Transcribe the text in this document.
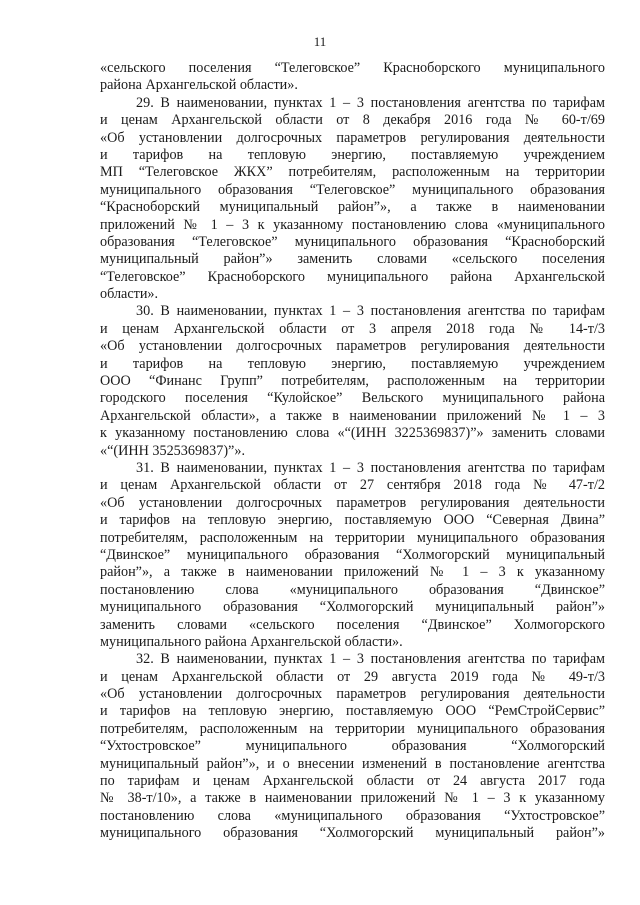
11
«сельского поселения “Телеговское” Красноборского муниципального
района Архангельской области».
29. В наименовании, пунктах 1 – 3 постановления агентства по тарифам
и ценам Архангельской области от 8 декабря 2016 года № 60-т/69
«Об установлении долгосрочных параметров регулирования деятельности
и тарифов на тепловую энергию, поставляемую учреждением
МП “Телеговское ЖКХ” потребителям, расположенным на территории
муниципального образования “Телеговское” муниципального образования
“Красноборский муниципальный район”», а также в наименовании
приложений № 1 – 3 к указанному постановлению слова «муниципального
образования “Телеговское” муниципального образования “Красноборский
муниципальный район”» заменить словами «сельского поселения
“Телеговское” Красноборского муниципального района Архангельской
области».
30. В наименовании, пунктах 1 – 3 постановления агентства по тарифам
и ценам Архангельской области от 3 апреля 2018 года № 14-т/3
«Об установлении долгосрочных параметров регулирования деятельности
и тарифов на тепловую энергию, поставляемую учреждением
ООО “Финанс Групп” потребителям, расположенным на территории
городского поселения “Кулойское” Вельского муниципального района
Архангельской области», а также в наименовании приложений № 1 – 3
к указанному постановлению слова «“(ИНН 3225369837)”» заменить словами
«“(ИНН 3525369837)”».
31. В наименовании, пунктах 1 – 3 постановления агентства по тарифам
и ценам Архангельской области от 27 сентября 2018 года № 47-т/2
«Об установлении долгосрочных параметров регулирования деятельности
и тарифов на тепловую энергию, поставляемую ООО “Северная Двина”
потребителям, расположенным на территории муниципального образования
“Двинское” муниципального образования “Холмогорский муниципальный
район”», а также в наименовании приложений № 1 – 3 к указанному
постановлению слова «муниципального образования “Двинское”
муниципального образования “Холмогорский муниципальный район”»
заменить словами «сельского поселения “Двинское” Холмогорского
муниципального района Архангельской области».
32. В наименовании, пунктах 1 – 3 постановления агентства по тарифам
и ценам Архангельской области от 29 августа 2019 года № 49-т/3
«Об установлении долгосрочных параметров регулирования деятельности
и тарифов на тепловую энергию, поставляемую ООО “РемСтройСервис”
потребителям, расположенным на территории муниципального образования
“Ухтостровское” муниципального образования “Холмогорский
муниципальный район”», и о внесении изменений в постановление агентства
по тарифам и ценам Архангельской области от 24 августа 2017 года
№ 38-т/10», а также в наименовании приложений № 1 – 3 к указанному
постановлению слова «муниципального образования “Ухтостровское”
муниципального образования “Холмогорский муниципальный район”»
